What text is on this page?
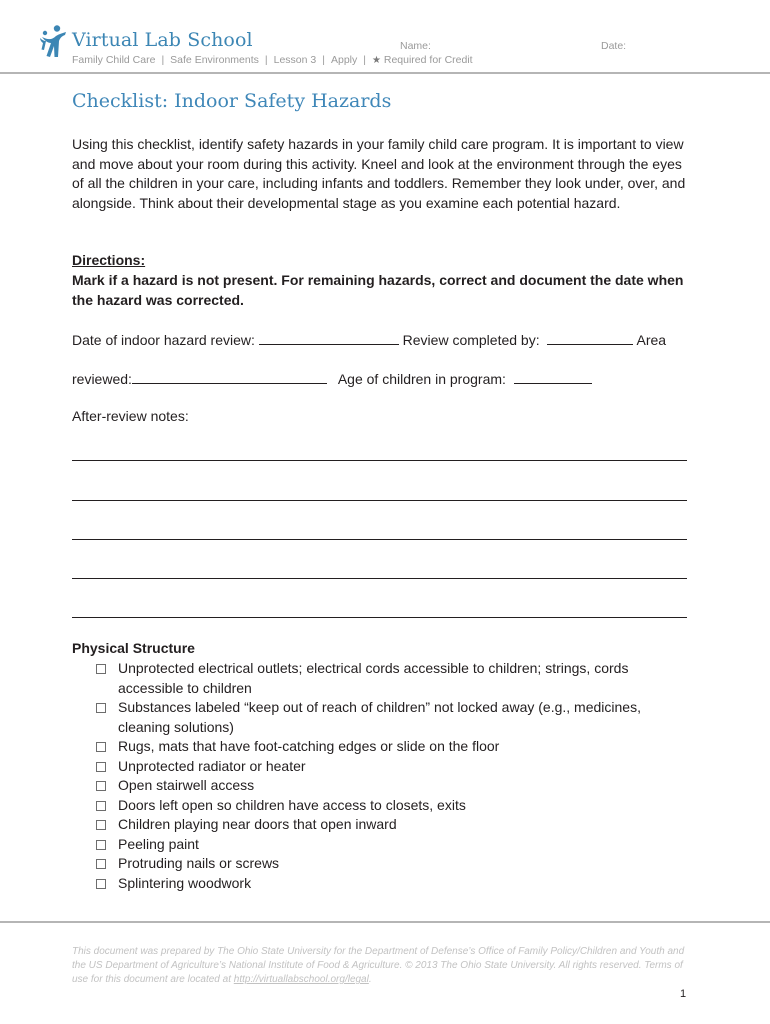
Virtual Lab School
Family Child Care | Safe Environments | Lesson 3 | Apply | ★ Required for Credit
Name:	Date:
Checklist: Indoor Safety Hazards
Using this checklist, identify safety hazards in your family child care program. It is important to view and move about your room during this activity. Kneel and look at the environment through the eyes of all the children in your care, including infants and toddlers. Remember they look under, over, and alongside. Think about their developmental stage as you examine each potential hazard.
Directions:
Mark if a hazard is not present. For remaining hazards, correct and document the date when the hazard was corrected.
Date of indoor hazard review:	Review completed by:	Area
reviewed:	Age of children in program:
After-review notes:
Physical Structure
Unprotected electrical outlets; electrical cords accessible to children; strings, cords accessible to children
Substances labeled “keep out of reach of children” not locked away (e.g., medicines, cleaning solutions)
Rugs, mats that have foot-catching edges or slide on the floor
Unprotected radiator or heater
Open stairwell access
Doors left open so children have access to closets, exits
Children playing near doors that open inward
Peeling paint
Protruding nails or screws
Splintering woodwork
This document was prepared by The Ohio State University for the Department of Defense’s Office of Family Policy/Children and Youth and the US Department of Agriculture’s National Institute of Food & Agriculture. © 2013 The Ohio State University. All rights reserved. Terms of use for this document are located at http://virtuallabschool.org/legal.
1
